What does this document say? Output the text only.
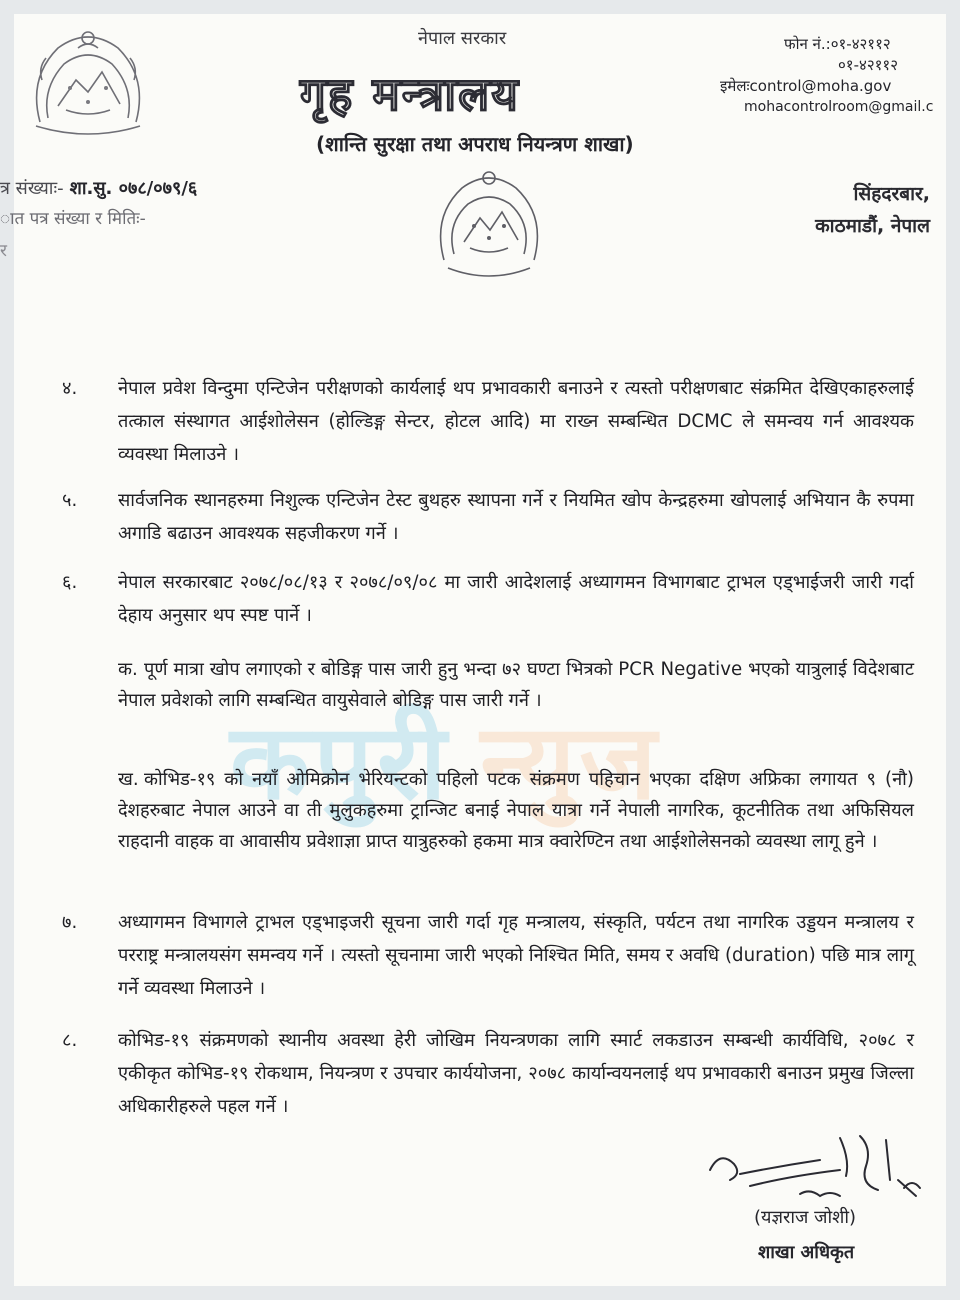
नेपाल सरकार
गृह मन्त्रालय
(शान्ति सुरक्षा तथा अपराध नियन्त्रण शाखा)
फोन नं.:०१-४२११२
०१-४२११२
इमेलःcontrol@moha.gov
mohacontrolroom@gmail.c
त्र संख्याः- शा.सु. ०७८/०७९/६
ात पत्र संख्या र मितिः-
र
सिंहदरबार,
काठमाडौं, नेपाल
कपुरी न्युज
४.	नेपाल प्रवेश विन्दुमा एन्टिजेन परीक्षणको कार्यलाई थप प्रभावकारी बनाउने र त्यस्तो परीक्षणबाट संक्रमित देखिएकाहरुलाई तत्काल संस्थागत आईशोलेसन (होल्डिङ्ग सेन्टर, होटल आदि) मा राख्न सम्बन्धित DCMC ले समन्वय गर्न आवश्यक व्यवस्था मिलाउने ।
५.	सार्वजनिक स्थानहरुमा निशुल्क एन्टिजेन टेस्ट बुथहरु स्थापना गर्ने र नियमित खोप केन्द्रहरुमा खोपलाई अभियान कै रुपमा अगाडि बढाउन आवश्यक सहजीकरण गर्ने ।
६.	नेपाल सरकारबाट २०७८/०८/१३ र २०७८/०९/०८ मा जारी आदेशलाई अध्यागमन विभागबाट ट्राभल एड्भाईजरी जारी गर्दा देहाय अनुसार थप स्पष्ट पार्ने ।
क. पूर्ण मात्रा खोप लगाएको र बोडिङ्ग पास जारी हुनु भन्दा ७२ घण्टा भित्रको PCR Negative भएको यात्रुलाई विदेशबाट नेपाल प्रवेशको लागि सम्बन्धित वायुसेवाले बोडिङ्ग पास जारी गर्ने ।
ख. कोभिड-१९ को नयाँ ओमिक्रोन भेरियन्टको पहिलो पटक संक्रमण पहिचान भएका दक्षिण अफ्रिका लगायत ९ (नौ) देशहरुबाट नेपाल आउने वा ती मुलुकहरुमा ट्रान्जिट बनाई नेपाल यात्रा गर्ने नेपाली नागरिक, कूटनीतिक तथा अफिसियल राहदानी वाहक वा आवासीय प्रवेशाज्ञा प्राप्त यात्रुहरुको हकमा मात्र क्वारेण्टिन तथा आईशोलेसनको व्यवस्था लागू हुने ।
७.	अध्यागमन विभागले ट्राभल एड्भाइजरी सूचना जारी गर्दा गृह मन्त्रालय, संस्कृति, पर्यटन तथा नागरिक उड्डयन मन्त्रालय र परराष्ट्र मन्त्रालयसंग समन्वय गर्ने । त्यस्तो सूचनामा जारी भएको निश्चित मिति, समय र अवधि (duration) पछि मात्र लागू गर्ने व्यवस्था मिलाउने ।
८.	कोभिड-१९ संक्रमणको स्थानीय अवस्था हेरी जोखिम नियन्त्रणका लागि स्मार्ट लकडाउन सम्बन्धी कार्यविधि, २०७८ र एकीकृत कोभिड-१९ रोकथाम, नियन्त्रण र उपचार कार्ययोजना, २०७८ कार्यान्वयनलाई थप प्रभावकारी बनाउन प्रमुख जिल्ला अधिकारीहरुले पहल गर्ने ।
(यज्ञराज जोशी)
शाखा अधिकृत
